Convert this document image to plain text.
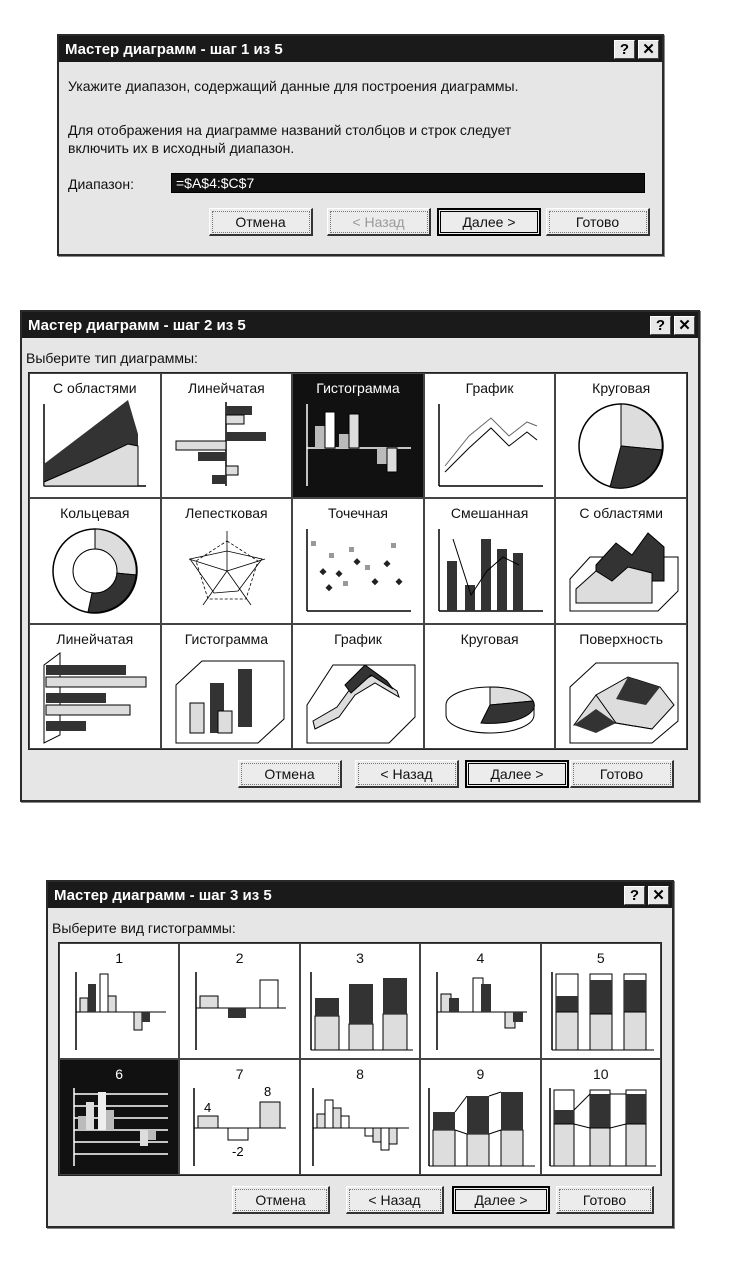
Мастер диаграмм - шаг 1 из 5	? ✕
Укажите диапазон, содержащий данные для построения диаграммы.
Для отображения на диаграмме названий столбцов и строк следует
включить их в исходный диапазон.
Диапазон:
=$A$4:$C$7
Отмена	< Назад	Далее >	Готово
Мастер диаграмм - шаг 2 из 5	? ✕
Выберите тип диаграммы:
С областями	Линейчатая	Гистограмма	График	Круговая
Кольцевая	Лепестковая	Точечная	Смешанная	С областями
Линейчатая	Гистограмма	График	Круговая	Поверхность
Отмена	< Назад	Далее >	Готово
Мастер диаграмм - шаг 3 из 5	? ✕
Выберите вид гистограммы:
1	2	3	4	5
6	7
4
8
-2
8	9	10
Отмена	< Назад	Далее >	Готово
